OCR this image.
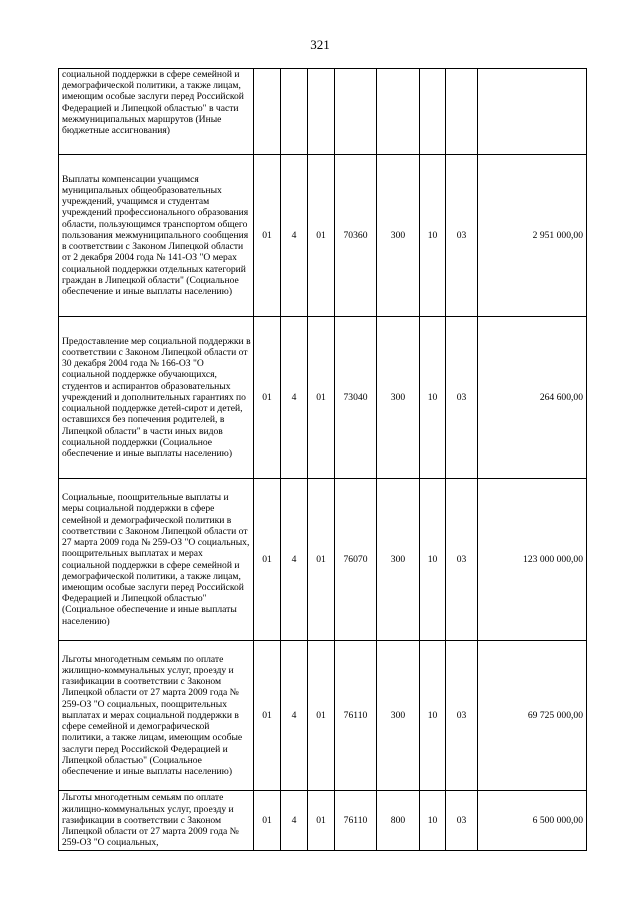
321
социальной поддержки в сфере семейной и демографической политики, а также лицам, имеющим особые заслуги перед Российской Федерацией и Липецкой областью" в части межмуниципальных маршрутов (Иные бюджетные ассигнования)								
Выплаты компенсации учащимся муниципальных общеобразовательных учреждений, учащимся и студентам учреждений профессионального образования области, пользующимся транспортом общего пользования межмуниципального сообщения в соответствии с Законом Липецкой области от 2 декабря 2004 года № 141-ОЗ "О мерах социальной поддержки отдельных категорий граждан в Липецкой области" (Социальное обеспечение и иные выплаты населению)	01	4	01	70360	300	10	03	2 951 000,00
Предоставление мер социальной поддержки в соответствии с Законом Липецкой области от 30 декабря 2004 года № 166-ОЗ "О социальной поддержке обучающихся, студентов и аспирантов образовательных учреждений и дополнительных гарантиях по социальной поддержке детей-сирот и детей, оставшихся без попечения родителей, в Липецкой области" в части иных видов социальной поддержки (Социальное обеспечение и иные выплаты населению)	01	4	01	73040	300	10	03	264 600,00
Социальные, поощрительные выплаты и меры социальной поддержки в сфере семейной и демографической политики в соответствии с Законом Липецкой области от 27 марта 2009 года № 259-ОЗ "О социальных, поощрительных выплатах и мерах социальной поддержки в сфере семейной и демографической политики, а также лицам, имеющим особые заслуги перед Российской Федерацией и Липецкой областью" (Социальное обеспечение и иные выплаты населению)	01	4	01	76070	300	10	03	123 000 000,00
Льготы многодетным семьям по оплате жилищно-коммунальных услуг, проезду и газификации в соответствии с Законом Липецкой области от 27 марта 2009 года № 259-ОЗ "О социальных, поощрительных выплатах и мерах социальной поддержки в сфере семейной и демографической политики, а также лицам, имеющим особые заслуги перед Российской Федерацией и Липецкой областью" (Социальное обеспечение и иные выплаты населению)	01	4	01	76110	300	10	03	69 725 000,00
Льготы многодетным семьям по оплате жилищно-коммунальных услуг, проезду и газификации в соответствии с Законом Липецкой области от 27 марта 2009 года № 259-ОЗ "О социальных,	01	4	01	76110	800	10	03	6 500 000,00
